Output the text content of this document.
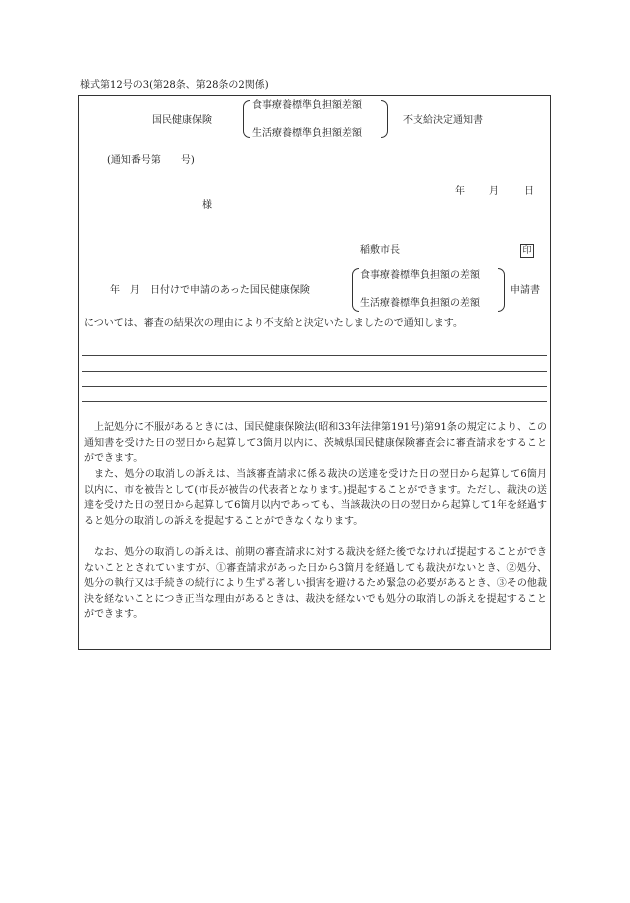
様式第12号の3(第28条、第28条の2関係)
国民健康保険
食事療養標準負担額差額
生活療養標準負担額差額
不支給決定通知書
(通知番号第　　号)
年 月	日
様
稲敷市長	印
年　月　日付けで申請のあった国民健康保険
食事療養標準負担額の差額
生活療養標準負担額の差額
申請書
については、審査の結果次の理由により不支給と決定いたしましたので通知します。
上記処分に不服があるときには、国民健康保険法(昭和33年法律第191号)第91条の規定により、この通知書を受けた日の翌日から起算して3箇月以内に、茨城県国民健康保険審査会に審査請求をすることができます。
また、処分の取消しの訴えは、当該審査請求に係る裁決の送達を受けた日の翌日から起算して6箇月以内に、市を被告として(市長が被告の代表者となります。)提起することができます。ただし、裁決の送達を受けた日の翌日から起算して6箇月以内であっても、当該裁決の日の翌日から起算して1年を経過すると処分の取消しの訴えを提起することができなくなります。
なお、処分の取消しの訴えは、前期の審査請求に対する裁決を経た後でなければ提起することができないこととされていますが、①審査請求があった日から3箇月を経過しても裁決がないとき、②処分、処分の執行又は手続きの続行により生ずる著しい損害を避けるため緊急の必要があるとき、③その他裁決を経ないことにつき正当な理由があるときは、裁決を経ないでも処分の取消しの訴えを提起することができます。
